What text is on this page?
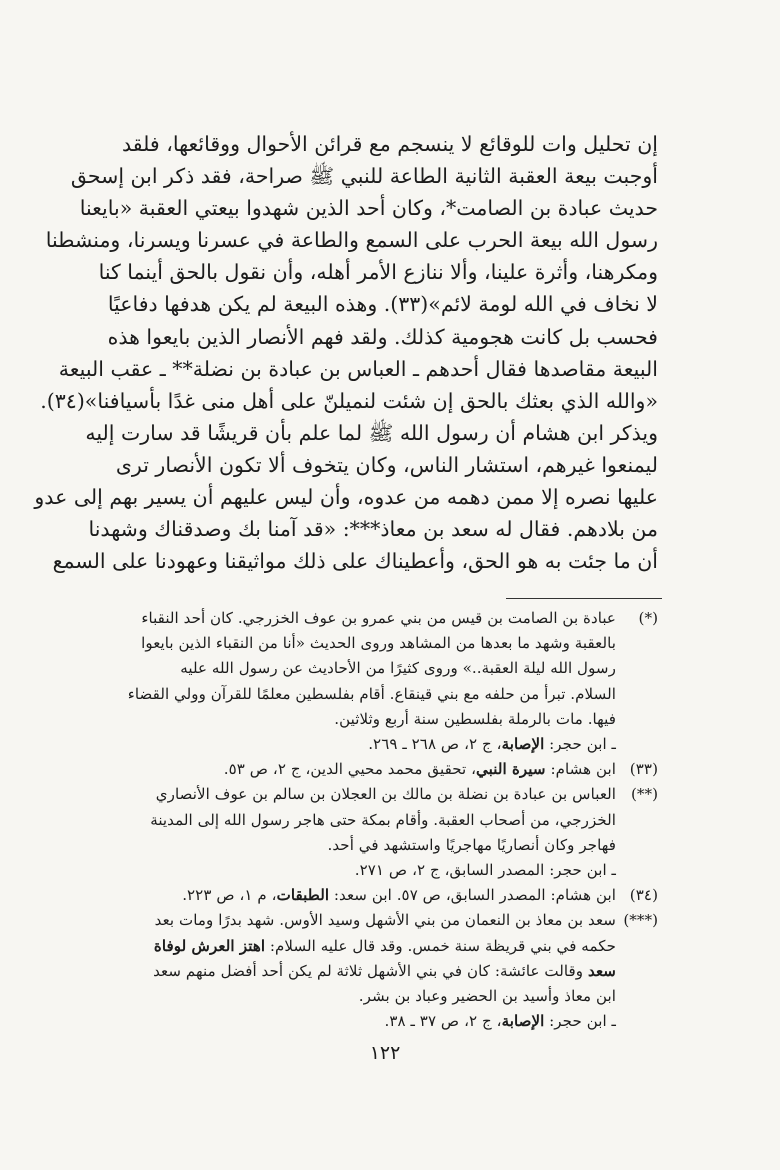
إن تحليل وات للوقائع لا ينسجم مع قرائن الأحوال ووقائعها، فلقد
أوجبت بيعة العقبة الثانية الطاعة للنبي ﷺ صراحة، فقد ذكر ابن إسحق
حديث عبادة بن الصامت*، وكان أحد الذين شهدوا بيعتي العقبة «بايعنا
رسول الله بيعة الحرب على السمع والطاعة في عسرنا ويسرنا، ومنشطنا
ومكرهنا، وأثرة علينا، وألا ننازع الأمر أهله، وأن نقول بالحق أينما كنا
لا نخاف في الله لومة لائم»(٣٣). وهذه البيعة لم يكن هدفها دفاعيًا
فحسب بل كانت هجومية كذلك. ولقد فهم الأنصار الذين بايعوا هذه
البيعة مقاصدها فقال أحدهم ـ العباس بن عبادة بن نضلة** ـ عقب البيعة
«والله الذي بعثك بالحق إن شئت لنميلنّ على أهل منى غدًا بأسيافنا»(٣٤).
ويذكر ابن هشام أن رسول الله ﷺ لما علم بأن قريشًا قد سارت إليه
ليمنعوا غيرهم، استشار الناس، وكان يتخوف ألا تكون الأنصار ترى
عليها نصره إلا ممن دهمه من عدوه، وأن ليس عليهم أن يسير بهم إلى عدو
من بلادهم. فقال له سعد بن معاذ***: «قد آمنا بك وصدقناك وشهدنا
أن ما جئت به هو الحق، وأعطيناك على ذلك مواثيقنا وعهودنا على السمع
(*)
عبادة بن الصامت بن قيس من بني عمرو بن عوف الخزرجي. كان أحد النقباء
بالعقبة وشهد ما بعدها من المشاهد وروى الحديث «أنا من النقباء الذين بايعوا
رسول الله ليلة العقبة..» وروى كثيرًا من الأحاديث عن رسول الله عليه
السلام. تبرأ من حلفه مع بني قينقاع. أقام بفلسطين معلمًا للقرآن وولي القضاء
فيها. مات بالرملة بفلسطين سنة أربع وثلاثين.
ـ ابن حجر: الإصابة، ج ٢، ص ٢٦٨ ـ ٢٦٩.
(٣٣)
ابن هشام: سيرة النبي، تحقيق محمد محيي الدين، ج ٢، ص ٥٣.
(**)
العباس بن عبادة بن نضلة بن مالك بن العجلان بن سالم بن عوف الأنصاري
الخزرجي، من أصحاب العقبة. وأقام بمكة حتى هاجر رسول الله إلى المدينة
فهاجر وكان أنصاريًا مهاجريًا واستشهد في أحد.
ـ ابن حجر: المصدر السابق، ج ٢، ص ٢٧١.
(٣٤)
ابن هشام: المصدر السابق، ص ٥٧. ابن سعد: الطبقات، م ١، ص ٢٢٣.
(***)
سعد بن معاذ بن النعمان من بني الأشهل وسيد الأوس. شهد بدرًا ومات بعد
حكمه في بني قريظة سنة خمس. وقد قال عليه السلام: اهتز العرش لوفاة
سعد وقالت عائشة: كان في بني الأشهل ثلاثة لم يكن أحد أفضل منهم سعد
ابن معاذ وأسيد بن الحضير وعباد بن بشر.
ـ ابن حجر: الإصابة، ج ٢، ص ٣٧ ـ ٣٨.
١٢٢
